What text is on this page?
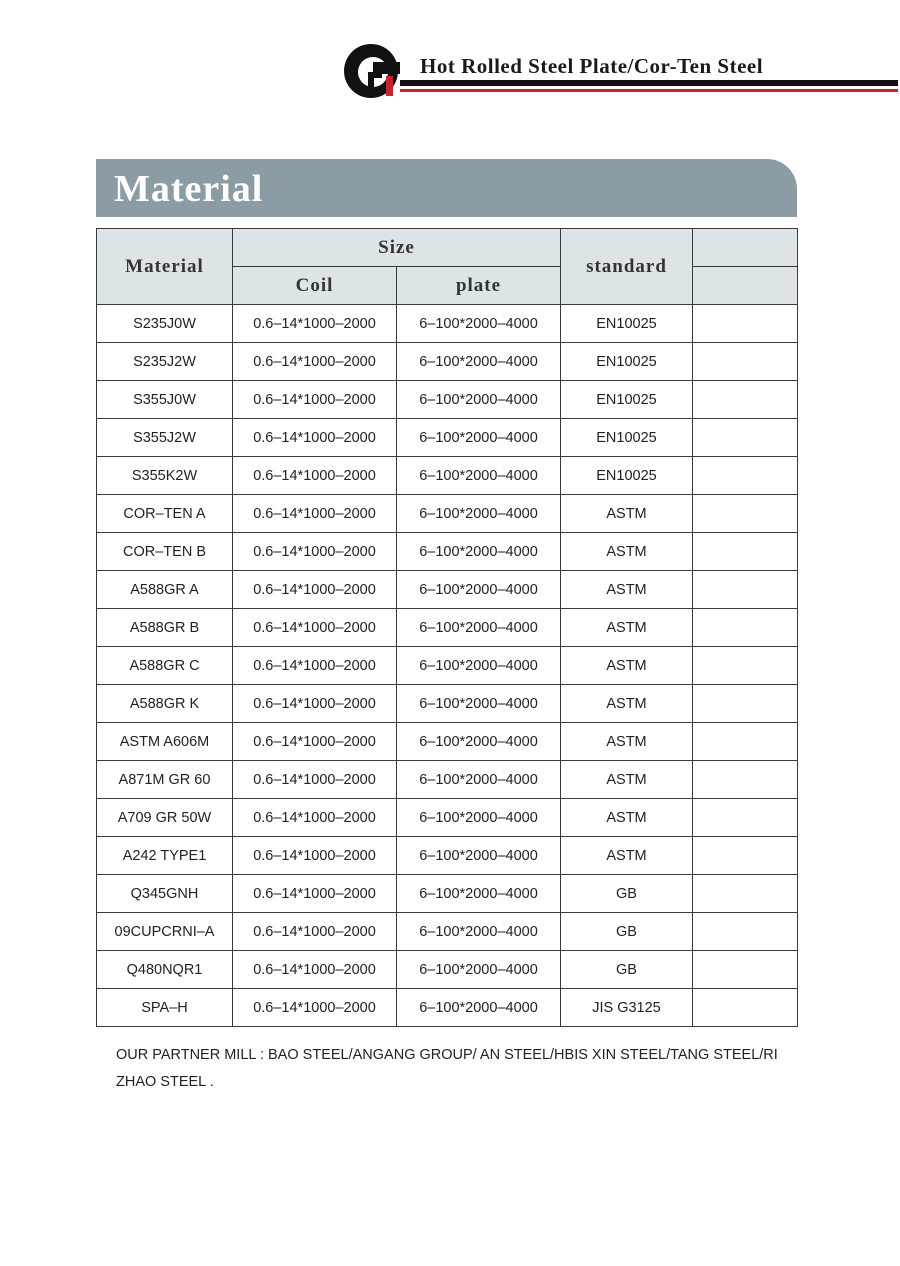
Hot Rolled Steel Plate/Cor-Ten Steel
Material
Material	Size		standard	
	Coil	plate		
S235J0W	0.6–14*1000–2000	6–100*2000–4000	EN10025	
S235J2W	0.6–14*1000–2000	6–100*2000–4000	EN10025	
S355J0W	0.6–14*1000–2000	6–100*2000–4000	EN10025	
S355J2W	0.6–14*1000–2000	6–100*2000–4000	EN10025	
S355K2W	0.6–14*1000–2000	6–100*2000–4000	EN10025	
COR–TEN A	0.6–14*1000–2000	6–100*2000–4000	ASTM	
COR–TEN B	0.6–14*1000–2000	6–100*2000–4000	ASTM	
A588GR A	0.6–14*1000–2000	6–100*2000–4000	ASTM	
A588GR B	0.6–14*1000–2000	6–100*2000–4000	ASTM	
A588GR C	0.6–14*1000–2000	6–100*2000–4000	ASTM	
A588GR K	0.6–14*1000–2000	6–100*2000–4000	ASTM	
ASTM A606M	0.6–14*1000–2000	6–100*2000–4000	ASTM	
A871M GR 60	0.6–14*1000–2000	6–100*2000–4000	ASTM	
A709 GR 50W	0.6–14*1000–2000	6–100*2000–4000	ASTM	
A242 TYPE1	0.6–14*1000–2000	6–100*2000–4000	ASTM	
Q345GNH	0.6–14*1000–2000	6–100*2000–4000	GB	
09CUPCRNI–A	0.6–14*1000–2000	6–100*2000–4000	GB	
Q480NQR1	0.6–14*1000–2000	6–100*2000–4000	GB	
SPA–H	0.6–14*1000–2000	6–100*2000–4000	JIS G3125	
OUR PARTNER MILL : BAO STEEL/ANGANG GROUP/ AN STEEL/HBIS XIN STEEL/TANG STEEL/RI ZHAO STEEL .
